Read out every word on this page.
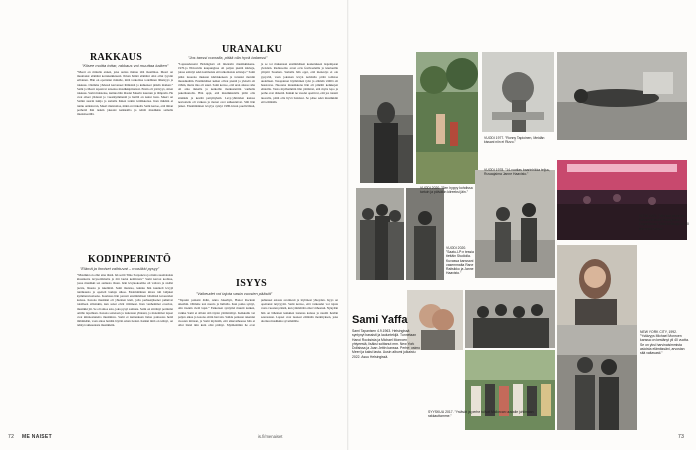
RAKKAUS
”Kiisee muitta tottar, rakkaus voi muuttaa kaiken”
URANALKU
”Jos tanssi nuoralla, pitää olla hyvä balanssi”
”Meeri on minulle ennen, joka auttaa minua tätä maailmaa. Meeri on muuttanut elämäni kertakaikkisesti. Ilman häntä elämäni olisi ollut tyystin erilainen. Hän on opettanut minulle, mitä tarkoittaa todellinen läheisyys ja rakkaus. Olemme yhdessä kasvaneet ihmisinä ja kulkeneet pitkän matkan.” Sami ja Meeri tapasivat toisensa musiikkipiireissä. Ensin oli ystävyys, sitten rakkaus. Sami muistelee, kuinka hän ihastui Meerin nauruun ja lämpöön. He ovat olleet yhdessä jo vuosikymmeniä ja heillä on kaksi lasta. Meeri on Samin suurin tukija ja samalla hänen tarkin kriitikkonsa. Kun mikään ei tunnu onnistuvan, Meeri muistuttaa, mikä on tärkeää. Sami kertoo, että ilman perhettä hän tuskin jaksaisi keikkailla ja tehdä musiikkia samalla intensiteetillä.
KODINPERINTÖ
”Elämä ja ihmiset vaihtuvat – musiikki pysyy”
”Musiikki on ollut aina läsnä. Isä soitti Timo Sarpaneva ja muita suomalaisia klassikoita levysoittimelta ja äiti lauloi keittiössä.” Sami kasvoi kodissa, jossa musiikki soi aamusta iltaan. Isän levykokoelma oli valtava ja sisälsi jazzia, bluesia ja iskelmää. Sami muistaa, kuinka hän kuunteli levyjä tuntikausia ja opetteli lauluja ulkoa. Ensimmäinen kitara tuli lahjaksi kymmenvuotiaana. Koulussa hän perusti ensimmäisen bändinsä kavereiden kanssa. Kotona musiikki oli yhteinen kieli, jolla perheenjäsenet puhuivat toisilleen silloinkin, kun sanat eivät riittäneet. Kun vanhemmat erosivat, musiikki jäi. Se oli ainoa asia, joka pysyi samana. Sami on siirtänyt perinnön omille lapsilleen. Kotona soitetaan ja lauletaan yhdessä, ja molemmat lapset ovat kiinnostuneita musiikista. Sami ei kuitenkaan halua painostaa heitä mihinkään, vaan antaa heidän löytää oman tiensä. Kaikki mitä on tehnyt, on tehnyt rakkaudesta musiikkiin.
”Lapsuudessani Helsingissä oli mieletön musiikkiskene. 1970-ja 80-luvulla kaupungissa oli paljon pieniä klubeja, joissa esiintyi sekä kotimaisia että ulkomaisia artisteja.” Sami pääsi nuorena mukaan klubiskeneen ja tutustui moniin muusikoihin. Ensimmäiset keikat olivat pieniä ja yleisöä oli vähän, mutta into oli suuri. Sami kertoo, että uran alussa raha oli aina tiukalla ja keikoille matkustettiin vanhalla pakettiautolla. Hän oppi, että musiikkialalla pitää olla sinnikäs ja kestää pettymyksiä. Levy-yhtiöiden kanssa neuvottelu oli vaikeaa ja monet ovet sulkeutuivat. Silti hän jatkoi. Ensimmäinen levytys syntyi 1980-luvun puolivälissä, ja se toi mukanaan ensimmäisen kosketuksen laajempaan yleisöön. Radiosoitto avasi ovia festivaaleille ja kiertueille ympäri Suomen. Samalla hän oppi, että menestys ei ole pysyvää, vaan jokaisen levyn kohdalla pitää todistaa uudelleen. Tasapainon löytäminen työn ja elämän välillä oli haastavaa. Nuorena muusikkona hän eli pitkälti keikkojen ehdoilla. Vasta myöhemmin hän ymmärsi, että myös lepo ja perhe ovat tärkeitä. Kaikki ne vuodet opettivat, että jos tanssii nuoralla, pitää olla hyvä balanssi. Se pätee sekä musiikkiin että elämään.
ISYYS
”Vaikeudet voi tajuta vasta vuosien päästä”
”Tapasin poikani äidin, Anna Jokerhyn, Hanoi Rocksin aikoihin. Olimme tosi nuoria ja hullulla. Kun poika syntyi, olin itsekin vielä lapsi.” Esikoisen syntymä muutti kaiken, vaikka Sami ei silloin sitä täysin ymmärtänyt. Keikkailu vei paljon aikaa ja kotona oltiin harvoin. Suhde poikaan rakentui vuosien mittaan, ja Sami myöntää, että alkuvaiheessa hän ei ollut läsnä niin kuin olisi pitänyt. Myöhemmin he ovat puhuneet asiasta avoimesti ja löytäneet yhteyden. Isyys on opettanut nöyryyttä. Sami kertoo, että vaikeudet voi tajuta vasta vuosien päästä, kun ymmärtää omat virheensä. Nykyään hän on läheinen kaikkien lastensa kanssa ja nauttii heidän seurastaan. Lapset ovat tuoneet elämään merkityksen, joka ulottuu musiikkia syvemmälle.
72 ME NAISET	is.fi/menaiset
VUODI 2020. ”Sen hyppy kohdissa tartuin ja päiväkin kiireeksi jäin.”
VUODI 1977. ”Ronny Tapioinen, Meidän kissani niin ei Rizzo.”
VUODI 1978. ”14-vuotias baarinhikka teljuu, Ruvaajaima Janne Haavisto.”
VUODI 2020. ”Saatu-LP:n tessia tiettäin Studiolla. Kuvassa kanssani vasemmalta Rane Raitsikko ja Janne Haavisto.”
KESÄ 2020. ”Michael Monroen kanssa keikalla Malagossa, Espanjassa. Näitä keikkoja on 30 kerranen takaa.”
NEW YORK CITY, 1992. ”Ystävyys Michael Monroen kanssa on kestänyt yli 40 vuotta. Se on yksi harvinaisimmista asioista elämässäni, arvostan sitä valtavasti.”
SYYSKUU 2017. ”Ystävät ja perhe tulivat Mallorcan uusialle juhlimaan rakkauttamme.”
Sami Yaffa
Sami Tapanisen 4.9.1963. Helsingissä syntynyt bassisti ja lauluntekijä. Tunnetaan Hanoi Rocksista ja Michael Monroen yhtyeestä, lisäksi soittanut mm. New York Dollsissa ja Joan Jettin kanssa. Perhe: vaimo Meeri ja kaksi lasta. Uusin albumi julkaistu 2022. Asuu Helsingissä.
73
